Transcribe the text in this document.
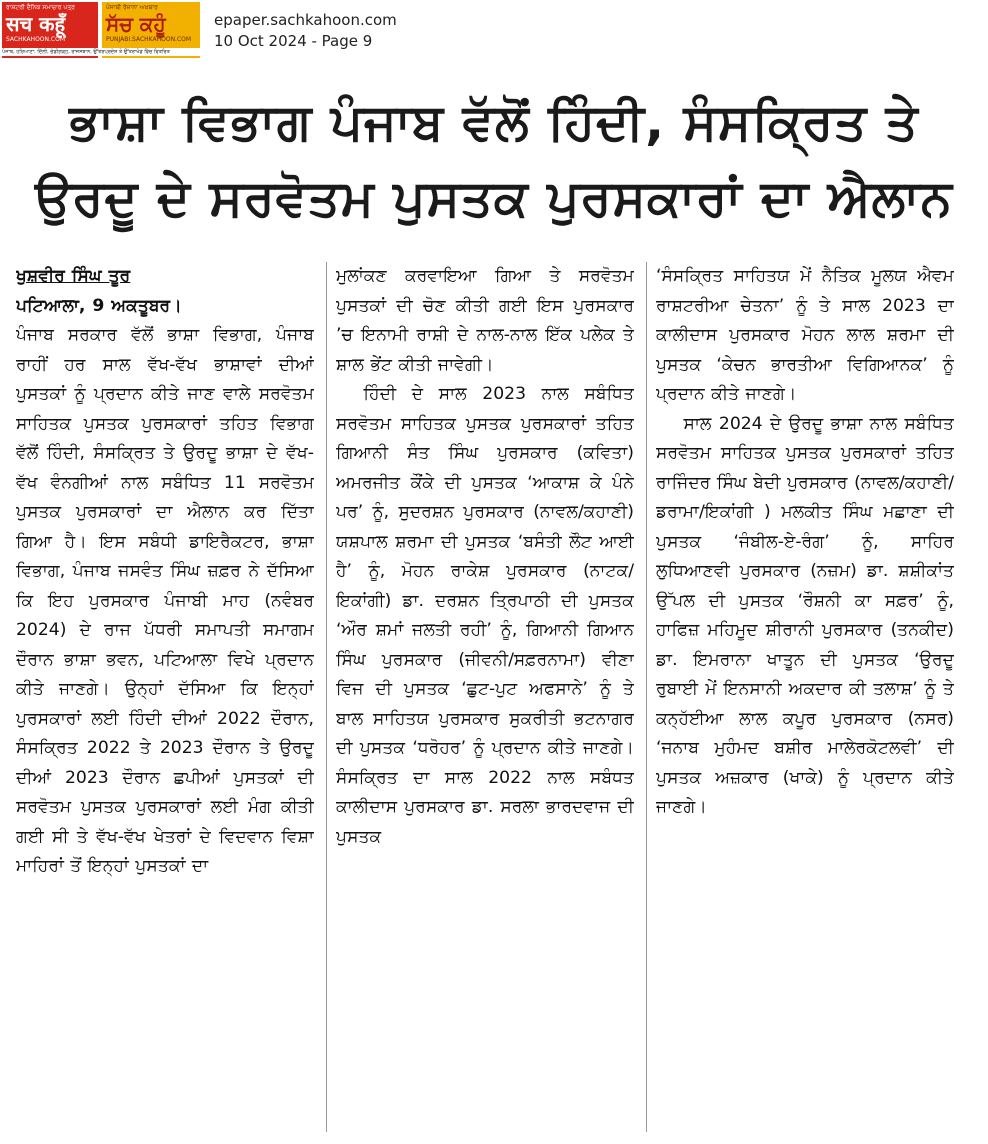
ਰਾਸ਼ਟਰੀ ਦੈਨਿਕ ਸਮਾਚਾਰ ਪਤ੍ਰ
सच कहूँ
SACHKAHOON.COM
ਪੰਜਾਬੀ ਰੋਜ਼ਾਨਾ ਅਖ਼ਬਾਰ
ਸੱਚ ਕਹੂੰ
PUNJABI.SACHKAHOON.COM
ਪੰਜਾਬ, ਹਰਿਆਣਾ, ਦਿੱਲੀ, ਚੰਡੀਗੜ੍ਹ, ਰਾਜਸਥਾਨ, ਉੱਤਰਪ੍ਰਦੇਸ਼ ਤੇ ਉੱਤਰਾਖੰਡ ਵਿੱਚ ਵਿਤਰਿਤ
epaper.sachkahoon.com
10 Oct 2024 - Page 9
ਭਾਸ਼ਾ ਵਿਭਾਗ ਪੰਜਾਬ ਵੱਲੋਂ ਹਿੰਦੀ, ਸੰਸਕ੍ਰਿਤ ਤੇ
ਉਰਦੂ ਦੇ ਸਰਵੋਤਮ ਪੁਸਤਕ ਪੁਰਸਕਾਰਾਂ ਦਾ ਐਲਾਨ

ਖੁਸ਼ਵੀਰ ਸਿੰਘ ਤੂਰ

ਪਟਿਆਲਾ, 9 ਅਕਤੂਬਰ।

ਪੰਜਾਬ ਸਰਕਾਰ ਵੱਲੋਂ ਭਾਸ਼ਾ ਵਿਭਾਗ, ਪੰਜਾਬ ਰਾਹੀਂ ਹਰ ਸਾਲ ਵੱਖ-ਵੱਖ ਭਾਸ਼ਾਵਾਂ ਦੀਆਂ ਪੁਸਤਕਾਂ ਨੂੰ ਪ੍ਰਦਾਨ ਕੀਤੇ ਜਾਣ ਵਾਲੇ ਸਰਵੋਤਮ ਸਾਹਿਤਕ ਪੁਸਤਕ ਪੁਰਸਕਾਰਾਂ ਤਹਿਤ ਵਿਭਾਗ ਵੱਲੋਂ ਹਿੰਦੀ, ਸੰਸਕ੍ਰਿਤ ਤੇ ਉਰਦੂ ਭਾਸ਼ਾ ਦੇ ਵੱਖ-ਵੱਖ ਵੰਨਗੀਆਂ ਨਾਲ ਸਬੰਧਿਤ 11 ਸਰਵੋਤਮ ਪੁਸਤਕ ਪੁਰਸਕਾਰਾਂ ਦਾ ਐਲਾਨ ਕਰ ਦਿੱਤਾ ਗਿਆ ਹੈ। ਇਸ ਸਬੰਧੀ ਡਾਇਰੈਕਟਰ, ਭਾਸ਼ਾ ਵਿਭਾਗ, ਪੰਜਾਬ ਜਸਵੰਤ ਸਿੰਘ ਜ਼ਫ਼ਰ ਨੇ ਦੱਸਿਆ ਕਿ ਇਹ ਪੁਰਸਕਾਰ ਪੰਜਾਬੀ ਮਾਹ (ਨਵੰਬਰ 2024) ਦੇ ਰਾਜ ਪੱਧਰੀ ਸਮਾਪਤੀ ਸਮਾਗਮ ਦੌਰਾਨ ਭਾਸ਼ਾ ਭਵਨ, ਪਟਿਆਲਾ ਵਿਖੇ ਪ੍ਰਦਾਨ ਕੀਤੇ ਜਾਣਗੇ। ਉਨ੍ਹਾਂ ਦੱਸਿਆ ਕਿ ਇਨ੍ਹਾਂ ਪੁਰਸਕਾਰਾਂ ਲਈ ਹਿੰਦੀ ਦੀਆਂ 2022 ਦੌਰਾਨ, ਸੰਸਕ੍ਰਿਤ 2022 ਤੇ 2023 ਦੌਰਾਨ ਤੇ ਉਰਦੂ ਦੀਆਂ 2023 ਦੌਰਾਨ ਛਪੀਆਂ ਪੁਸਤਕਾਂ ਦੀ ਸਰਵੋਤਮ ਪੁਸਤਕ ਪੁਰਸਕਾਰਾਂ ਲਈ ਮੰਗ ਕੀਤੀ ਗਈ ਸੀ ਤੇ ਵੱਖ-ਵੱਖ ਖੇਤਰਾਂ ਦੇ ਵਿਦਵਾਨ ਵਿਸ਼ਾ ਮਾਹਿਰਾਂ ਤੋਂ ਇਨ੍ਹਾਂ ਪੁਸਤਕਾਂ ਦਾ

ਮੁਲਾਂਕਣ ਕਰਵਾਇਆ ਗਿਆ ਤੇ ਸਰਵੋਤਮ ਪੁਸਤਕਾਂ ਦੀ ਚੋਣ ਕੀਤੀ ਗਈ ਇਸ ਪੁਰਸਕਾਰ ’ਚ ਇਨਾਮੀ ਰਾਸ਼ੀ ਦੇ ਨਾਲ-ਨਾਲ ਇੱਕ ਪਲੇਕ ਤੇ ਸ਼ਾਲ ਭੇਂਟ ਕੀਤੀ ਜਾਵੇਗੀ।

ਹਿੰਦੀ ਦੇ ਸਾਲ 2023 ਨਾਲ ਸਬੰਧਿਤ ਸਰਵੋਤਮ ਸਾਹਿਤਕ ਪੁਸਤਕ ਪੁਰਸਕਾਰਾਂ ਤਹਿਤ ਗਿਆਨੀ ਸੰਤ ਸਿੰਘ ਪੁਰਸਕਾਰ (ਕਵਿਤਾ) ਅਮਰਜੀਤ ਕੌਂਕੇ ਦੀ ਪੁਸਤਕ ‘ਆਕਾਸ਼ ਕੇ ਪੰਨੇ ਪਰ’ ਨੂੰ, ਸੁਦਰਸ਼ਨ ਪੁਰਸਕਾਰ (ਨਾਵਲ/ਕਹਾਣੀ) ਯਸ਼ਪਾਲ ਸ਼ਰਮਾ ਦੀ ਪੁਸਤਕ ‘ਬਸੰਤੀ ਲੌਟ ਆਈ ਹੈ’ ਨੂੰ, ਮੋਹਨ ਰਾਕੇਸ਼ ਪੁਰਸਕਾਰ (ਨਾਟਕ/ ਇਕਾਂਗੀ) ਡਾ. ਦਰਸ਼ਨ ਤ੍ਰਿਪਾਠੀ ਦੀ ਪੁਸਤਕ ‘ਔਰ ਸ਼ਮਾਂ ਜਲਤੀ ਰਹੀ’ ਨੂੰ, ਗਿਆਨੀ ਗਿਆਨ ਸਿੰਘ ਪੁਰਸਕਾਰ (ਜੀਵਨੀ/ਸਫ਼ਰਨਾਮਾ) ਵੀਣਾ ਵਿਜ ਦੀ ਪੁਸਤਕ ‘ਛੁਟ-ਪੁਟ ਅਫਸਾਨੇ’ ਨੂੰ ਤੇ ਬਾਲ ਸਾਹਿਤਯ ਪੁਰਸਕਾਰ ਸੁਕਰੀਤੀ ਭਟਨਾਗਰ ਦੀ ਪੁਸਤਕ ‘ਧਰੋਹਰ’ ਨੂੰ ਪ੍ਰਦਾਨ ਕੀਤੇ ਜਾਣਗੇ। ਸੰਸਕ੍ਰਿਤ ਦਾ ਸਾਲ 2022 ਨਾਲ ਸਬੰਧਤ ਕਾਲੀਦਾਸ ਪੁਰਸਕਾਰ ਡਾ. ਸਰਲਾ ਭਾਰਦਵਾਜ ਦੀ ਪੁਸਤਕ

‘ਸੰਸਕ੍ਰਿਤ ਸਾਹਿਤਯ ਮੇਂ ਨੈਤਿਕ ਮੂਲਯ ਐਵਮ ਰਾਸ਼ਟਰੀਆ ਚੇਤਨਾ’ ਨੂੰ ਤੇ ਸਾਲ 2023 ਦਾ ਕਾਲੀਦਾਸ ਪੁਰਸਕਾਰ ਮੋਹਨ ਲਾਲ ਸ਼ਰਮਾ ਦੀ ਪੁਸਤਕ ‘ਕੇਚਨ ਭਾਰਤੀਆ ਵਿਗਿਆਨਕ’ ਨੂੰ ਪ੍ਰਦਾਨ ਕੀਤੇ ਜਾਣਗੇ।

ਸਾਲ 2024 ਦੇ ਉਰਦੂ ਭਾਸ਼ਾ ਨਾਲ ਸਬੰਧਿਤ ਸਰਵੋਤਮ ਸਾਹਿਤਕ ਪੁਸਤਕ ਪੁਰਸਕਾਰਾਂ ਤਹਿਤ ਰਾਜਿੰਦਰ ਸਿੰਘ ਬੇਦੀ ਪੁਰਸਕਾਰ (ਨਾਵਲ/ਕਹਾਣੀ/ਡਰਾਮਾ/ਇਕਾਂਗੀ ) ਮਲਕੀਤ ਸਿੰਘ ਮਛਾਣਾ ਦੀ ਪੁਸਤਕ ‘ਜੰਬੀਲ-ਏ-ਰੰਗ’ ਨੂੰ, ਸਾਹਿਰ ਲੁਧਿਆਣਵੀ ਪੁਰਸਕਾਰ (ਨਜ਼ਮ) ਡਾ. ਸ਼ਸ਼ੀਕਾਂਤ ਉੱਪਲ ਦੀ ਪੁਸਤਕ ‘ਰੌਸ਼ਨੀ ਕਾ ਸਫ਼ਰ’ ਨੂੰ, ਹਾਫਿਜ਼ ਮਹਿਮੂਦ ਸ਼ੀਰਾਨੀ ਪੁਰਸਕਾਰ (ਤਨਕੀਦ) ਡਾ. ਇਮਰਾਨਾ ਖਾਤੂਨ ਦੀ ਪੁਸਤਕ ‘ਉਰਦੂ ਰੁਬਾਈ ਮੇਂ ਇਨਸਾਨੀ ਅਕਦਾਰ ਕੀ ਤਲਾਸ਼’ ਨੂੰ ਤੇ ਕਨ੍ਹੱਈਆ ਲਾਲ ਕਪੂਰ ਪੁਰਸਕਾਰ (ਨਸਰ) ‘ਜਨਾਬ ਮੁਹੰਮਦ ਬਸ਼ੀਰ ਮਾਲੇਰਕੋਟਲਵੀ’ ਦੀ ਪੁਸਤਕ ਅਜ਼ਕਾਰ (ਖਾਕੇ) ਨੂੰ ਪ੍ਰਦਾਨ ਕੀਤੇ ਜਾਣਗੇ।
